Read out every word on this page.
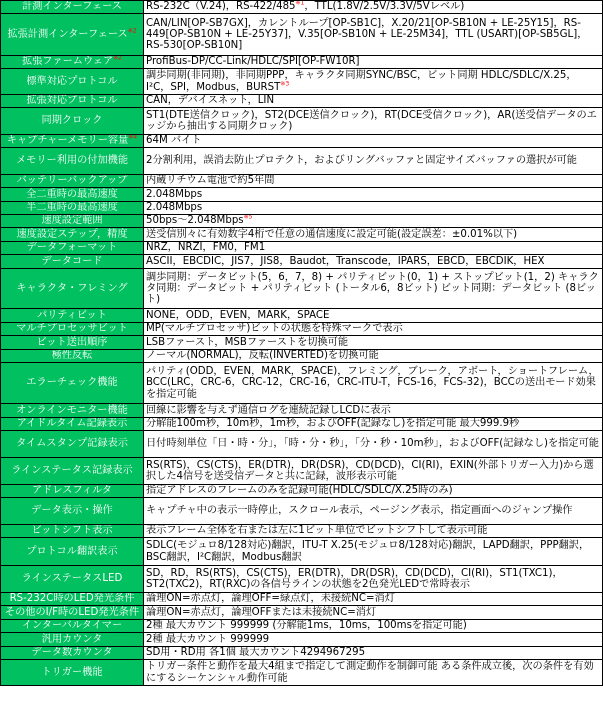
計測インターフェース	RS-232C（V.24)，RS-422/485$^{※1}$，TTL(1.8V/2.5V/3.3V/5Vレベル)
拡張計測インターフェース$^{※2}$	CAN/LIN[OP-SB7GX]，カレントループ[OP-SB1C]，X.20/21[OP-SB10N + LE-25Y15]，RS-449[OP-SB10N + LE-25Y37]，V.35[OP-SB10N + LE-25M34]，TTL (USART)[OP-SB5GL]，RS-530[OP-SB10N]
拡張ファームウェア$^{※2}$	ProfiBus-DP/CC-Link/HDLC/SPI[OP-FW10R]
標準対応プロトコル	調歩同期(非同期)，非同期PPP，キャラクタ同期SYNC/BSC，ビット同期 HDLC/SDLC/X.25，I²C，SPI，Modbus，BURST$^{※3}$
拡張対応プロトコル	CAN，デバイスネット，LIN
同期クロック	ST1(DTE送信クロック)，ST2(DCE送信クロック)，RT(DCE受信クロック)，AR(送受信データのエッジから抽出する同期クロック)
キャプチャーメモリー容量$^{※4}$	64M バイト
メモリー利用の付加機能	2分割利用，誤消去防止プロテクト，およびリングバッファと固定サイズバッファの選択が可能
バッテリーバックアップ	内蔵リチウム電池で約5年間
全二重時の最高速度	2.048Mbps
半二重時の最高速度	2.048Mbps
速度設定範囲	50bps～2.048Mbps$^{※5}$
速度設定ステップ，精度	送受信別々に有効数字4桁で任意の通信速度に設定可能(設定誤差：±0.01%以下)
データフォーマット	NRZ，NRZI，FM0，FM1
データコード	ASCII，EBCDIC，JIS7，JIS8，Baudot，Transcode，IPARS，EBCD，EBCDIK，HEX
キャラクタ・フレミング	調歩同期：データビット(5，6，7，8) + パリティビット(0，1) + ストップビット(1，2) キャラクタ同期：データビット + パリティビット (トータル6，8ビット) ビット同期：データビット (8ビット)
パリティビット	NONE，ODD，EVEN，MARK，SPACE
マルチプロセッサビット	MP(マルチプロセッサ)ビットの状態を特殊マークで表示
ビット送出順序	LSBファースト，MSBファーストを切換可能
極性反転	ノーマル(NORMAL)，反転(INVERTED)を切換可能
エラーチェック機能	パリティ(ODD，EVEN，MARK，SPACE)，フレミング，ブレーク，アボート，ショートフレーム，BCC(LRC，CRC-6，CRC-12，CRC-16，CRC-ITU-T，FCS-16，FCS-32)，BCCの送出モード効果を指定可能
オンラインモニター機能	回線に影響を与えず通信ログを連続記録しLCDに表示
アイドルタイム記録表示	分解能100m秒，10m秒，1m秒，およびOFF(記録なし)を指定可能 最大999.9秒
タイムスタンプ記録表示	日付時刻単位「日・時・分」，「時・分・秒」，「分・秒・10m秒」，およびOFF(記録なし)を指定可能
ラインステータス記録表示	RS(RTS)，CS(CTS)，ER(DTR)，DR(DSR)，CD(DCD)，CI(RI)，EXIN(外部トリガー入力)から選択した4信号を送受信データと共に記録，波形表示可能
アドレスフィルタ	指定アドレスのフレームのみを記録可能(HDLC/SDLC/X.25時のみ)
データ表示・操作	キャプチャ中の表示一時停止，スクロール表示，ページング表示，指定画面へのジャンプ操作
ビットシフト表示	表示フレーム全体を右または左に1ビット単位でビットシフトして表示可能
プロトコル翻訳表示	SDLC(モジュロ8/128対応)翻訳，ITU-T X.25(モジュロ8/128対応)翻訳，LAPD翻訳，PPP翻訳，BSC翻訳，I²C翻訳，Modbus翻訳
ラインステータスLED	SD，RD，RS(RTS)，CS(CTS)，ER(DTR)，DR(DSR)，CD(DCD)，CI(RI)，ST1(TXC1)，ST2(TXC2)，RT(RXC)の各信号ラインの状態を2色発光LEDで常時表示
RS-232C時のLED発光条件	論理ON=赤点灯，論理OFF=緑点灯，未接続NC=消灯
その他のI/F時のLED発光条件	論理ON=赤点灯，論理OFFまたは未接続NC=消灯
インターバルタイマー	2種 最大カウント 999999 (分解能1ms，10ms，100msを指定可能)
汎用カウンタ	2種 最大カウント 999999
データ数カウンタ	SD用・RD用 各1個 最大カウント4294967295
トリガー機能	トリガー条件と動作を最大4組まで指定して測定動作を制御可能 ある条件成立後，次の条件を有効にするシーケンシャル動作可能
